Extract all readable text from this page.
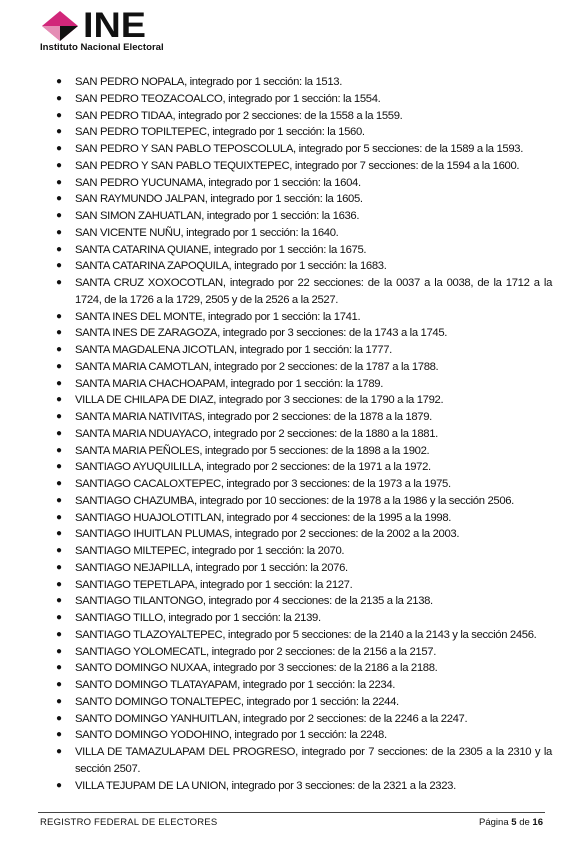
INE
Instituto Nacional Electoral
● SAN PEDRO NOPALA, integrado por 1 sección: la 1513.
● SAN PEDRO TEOZACOALCO, integrado por 1 sección: la 1554.
● SAN PEDRO TIDAA, integrado por 2 secciones: de la 1558 a la 1559.
● SAN PEDRO TOPILTEPEC, integrado por 1 sección: la 1560.
● SAN PEDRO Y SAN PABLO TEPOSCOLULA, integrado por 5 secciones: de la 1589 a la 1593.
● SAN PEDRO Y SAN PABLO TEQUIXTEPEC, integrado por 7 secciones: de la 1594 a la 1600.
● SAN PEDRO YUCUNAMA, integrado por 1 sección: la 1604.
● SAN RAYMUNDO JALPAN, integrado por 1 sección: la 1605.
● SAN SIMON ZAHUATLAN, integrado por 1 sección: la 1636.
● SAN VICENTE NUÑU, integrado por 1 sección: la 1640.
● SANTA CATARINA QUIANE, integrado por 1 sección: la 1675.
● SANTA CATARINA ZAPOQUILA, integrado por 1 sección: la 1683.
● SANTA CRUZ XOXOCOTLAN, integrado por 22 secciones: de la 0037 a la 0038, de la 1712 a la 1724, de la 1726 a la 1729, 2505 y de la 2526 a la 2527.
● SANTA INES DEL MONTE, integrado por 1 sección: la 1741.
● SANTA INES DE ZARAGOZA, integrado por 3 secciones: de la 1743 a la 1745.
● SANTA MAGDALENA JICOTLAN, integrado por 1 sección: la 1777.
● SANTA MARIA CAMOTLAN, integrado por 2 secciones: de la 1787 a la 1788.
● SANTA MARIA CHACHOAPAM, integrado por 1 sección: la 1789.
● VILLA DE CHILAPA DE DIAZ, integrado por 3 secciones: de la 1790 a la 1792.
● SANTA MARIA NATIVITAS, integrado por 2 secciones: de la 1878 a la 1879.
● SANTA MARIA NDUAYACO, integrado por 2 secciones: de la 1880 a la 1881.
● SANTA MARIA PEÑOLES, integrado por 5 secciones: de la 1898 a la 1902.
● SANTIAGO AYUQUILILLA, integrado por 2 secciones: de la 1971 a la 1972.
● SANTIAGO CACALOXTEPEC, integrado por 3 secciones: de la 1973 a la 1975.
● SANTIAGO CHAZUMBA, integrado por 10 secciones: de la 1978 a la 1986 y la sección 2506.
● SANTIAGO HUAJOLOTITLAN, integrado por 4 secciones: de la 1995 a la 1998.
● SANTIAGO IHUITLAN PLUMAS, integrado por 2 secciones: de la 2002 a la 2003.
● SANTIAGO MILTEPEC, integrado por 1 sección: la 2070.
● SANTIAGO NEJAPILLA, integrado por 1 sección: la 2076.
● SANTIAGO TEPETLAPA, integrado por 1 sección: la 2127.
● SANTIAGO TILANTONGO, integrado por 4 secciones: de la 2135 a la 2138.
● SANTIAGO TILLO, integrado por 1 sección: la 2139.
● SANTIAGO TLAZOYALTEPEC, integrado por 5 secciones: de la 2140 a la 2143 y la sección 2456.
● SANTIAGO YOLOMECATL, integrado por 2 secciones: de la 2156 a la 2157.
● SANTO DOMINGO NUXAA, integrado por 3 secciones: de la 2186 a la 2188.
● SANTO DOMINGO TLATAYAPAM, integrado por 1 sección: la 2234.
● SANTO DOMINGO TONALTEPEC, integrado por 1 sección: la 2244.
● SANTO DOMINGO YANHUITLAN, integrado por 2 secciones: de la 2246 a la 2247.
● SANTO DOMINGO YODOHINO, integrado por 1 sección: la 2248.
● VILLA DE TAMAZULAPAM DEL PROGRESO, integrado por 7 secciones: de la 2305 a la 2310 y la sección 2507.
● VILLA TEJUPAM DE LA UNION, integrado por 3 secciones: de la 2321 a la 2323.
REGISTRO FEDERAL DE ELECTORES	Página 5 de 16
